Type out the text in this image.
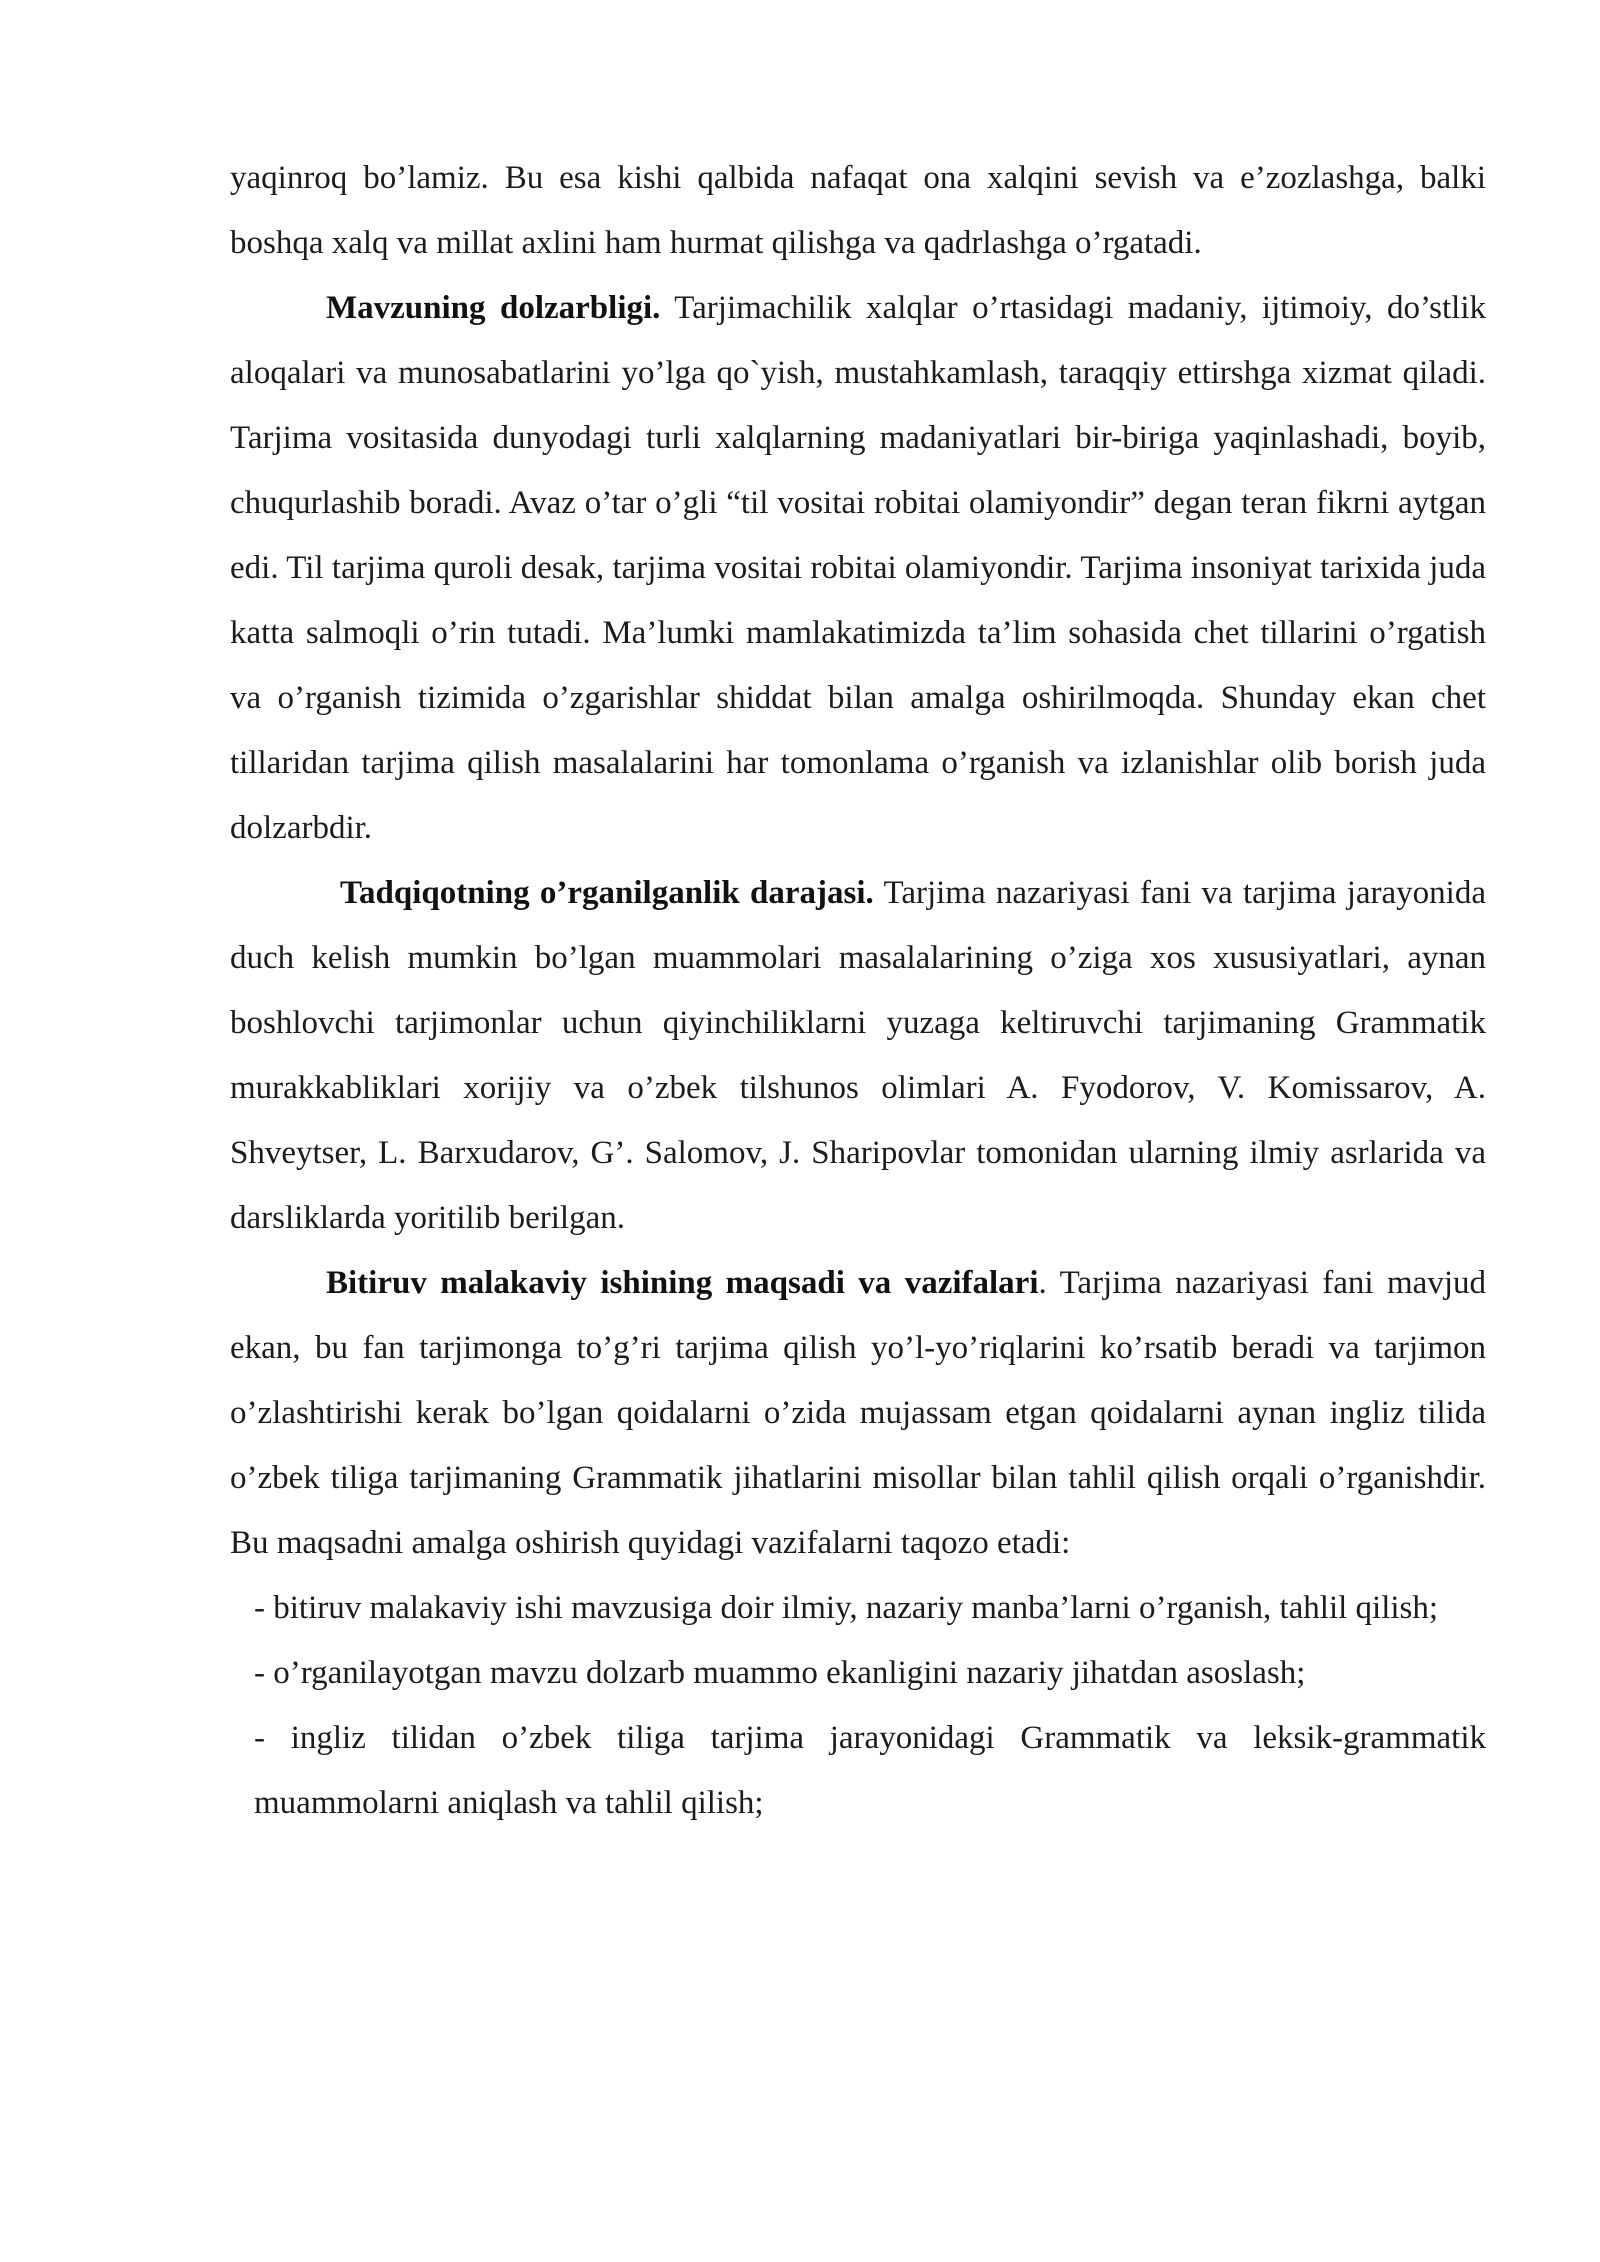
yaqinroq bo’lamiz. Bu esa kishi qalbida nafaqat ona xalqini sevish va e’zozlashga, balki boshqa xalq va millat axlini ham hurmat qilishga va qadrlashga o’rgatadi.

Mavzuning dolzarbligi. Tarjimachilik xalqlar o’rtasidagi madaniy, ijtimoiy, do’stlik aloqalari va munosabatlarini yo’lga qo`yish, mustahkamlash, taraqqiy ettirshga xizmat qiladi. Tarjima vositasida dunyodagi turli xalqlarning madaniyatlari bir-biriga yaqinlashadi, boyib, chuqurlashib boradi. Avaz o’tar o’gli “til vositai robitai olamiyondir” degan teran fikrni aytgan edi. Til tarjima quroli desak, tarjima vositai robitai olamiyondir. Tarjima insoniyat tarixida juda katta salmoqli o’rin tutadi. Ma’lumki mamlakatimizda ta’lim sohasida chet tillarini o’rgatish va o’rganish tizimida o’zgarishlar shiddat bilan amalga oshirilmoqda. Shunday ekan chet tillaridan tarjima qilish masalalarini har tomonlama o’rganish va izlanishlar olib borish juda dolzarbdir.

Tadqiqotning o’rganilganlik darajasi. Tarjima nazariyasi fani va tarjima jarayonida duch kelish mumkin bo’lgan muammolari masalalarining o’ziga xos xususiyatlari, aynan boshlovchi tarjimonlar uchun qiyinchiliklarni yuzaga keltiruvchi tarjimaning Grammatik murakkabliklari xorijiy va o’zbek tilshunos olimlari A. Fyodorov, V. Komissarov, A. Shveytser, L. Barxudarov, G’. Salomov, J. Sharipovlar tomonidan ularning ilmiy asrlarida va darsliklarda yoritilib berilgan.

Bitiruv malakaviy ishining maqsadi va vazifalari. Tarjima nazariyasi fani mavjud ekan, bu fan tarjimonga to’g’ri tarjima qilish yo’l-yo’riqlarini ko’rsatib beradi va tarjimon o’zlashtirishi kerak bo’lgan qoidalarni o’zida mujassam etgan qoidalarni aynan ingliz tilida o’zbek tiliga tarjimaning Grammatik jihatlarini misollar bilan tahlil qilish orqali o’rganishdir. Bu maqsadni amalga oshirish quyidagi vazifalarni taqozo etadi:

- bitiruv malakaviy ishi mavzusiga doir ilmiy, nazariy manba’larni o’rganish, tahlil qilish;

- o’rganilayotgan mavzu dolzarb muammo ekanligini nazariy jihatdan asoslash;

- ingliz tilidan o’zbek tiliga tarjima jarayonidagi Grammatik va leksik-grammatik muammolarni aniqlash va tahlil qilish;
